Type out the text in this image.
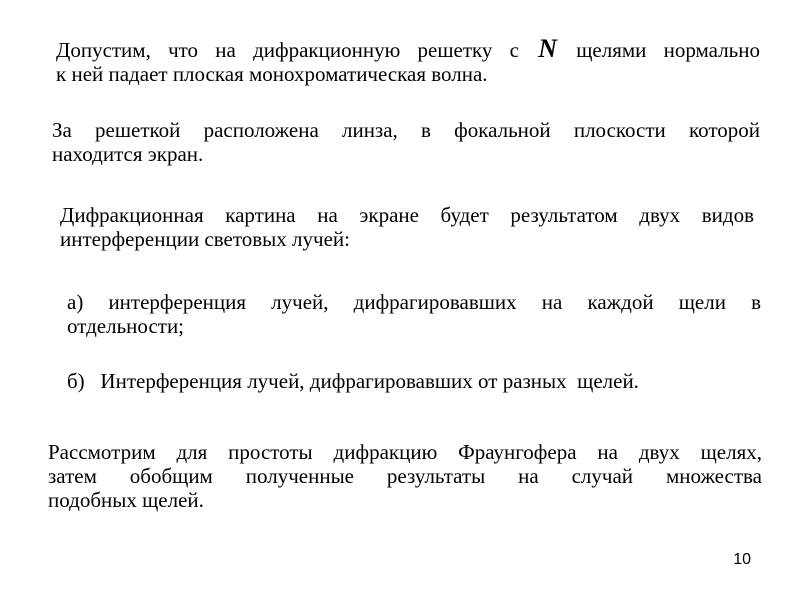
Допустим, что на дифракционную решетку с N щелями нормально
к ней падает плоская монохроматическая волна.
За решеткой расположена линза, в фокальной плоскости которой
находится экран.
Дифракционная картина на экране будет результатом двух видов
интерференции световых лучей:
а) интерференция лучей, дифрагировавших на каждой щели в
отдельности;
б)   Интерференция лучей, дифрагировавших от разных  щелей.
Рассмотрим для простоты дифракцию Фраунгофера на двух щелях,
затем обобщим полученные результаты на случай множества
подобных щелей.
10
